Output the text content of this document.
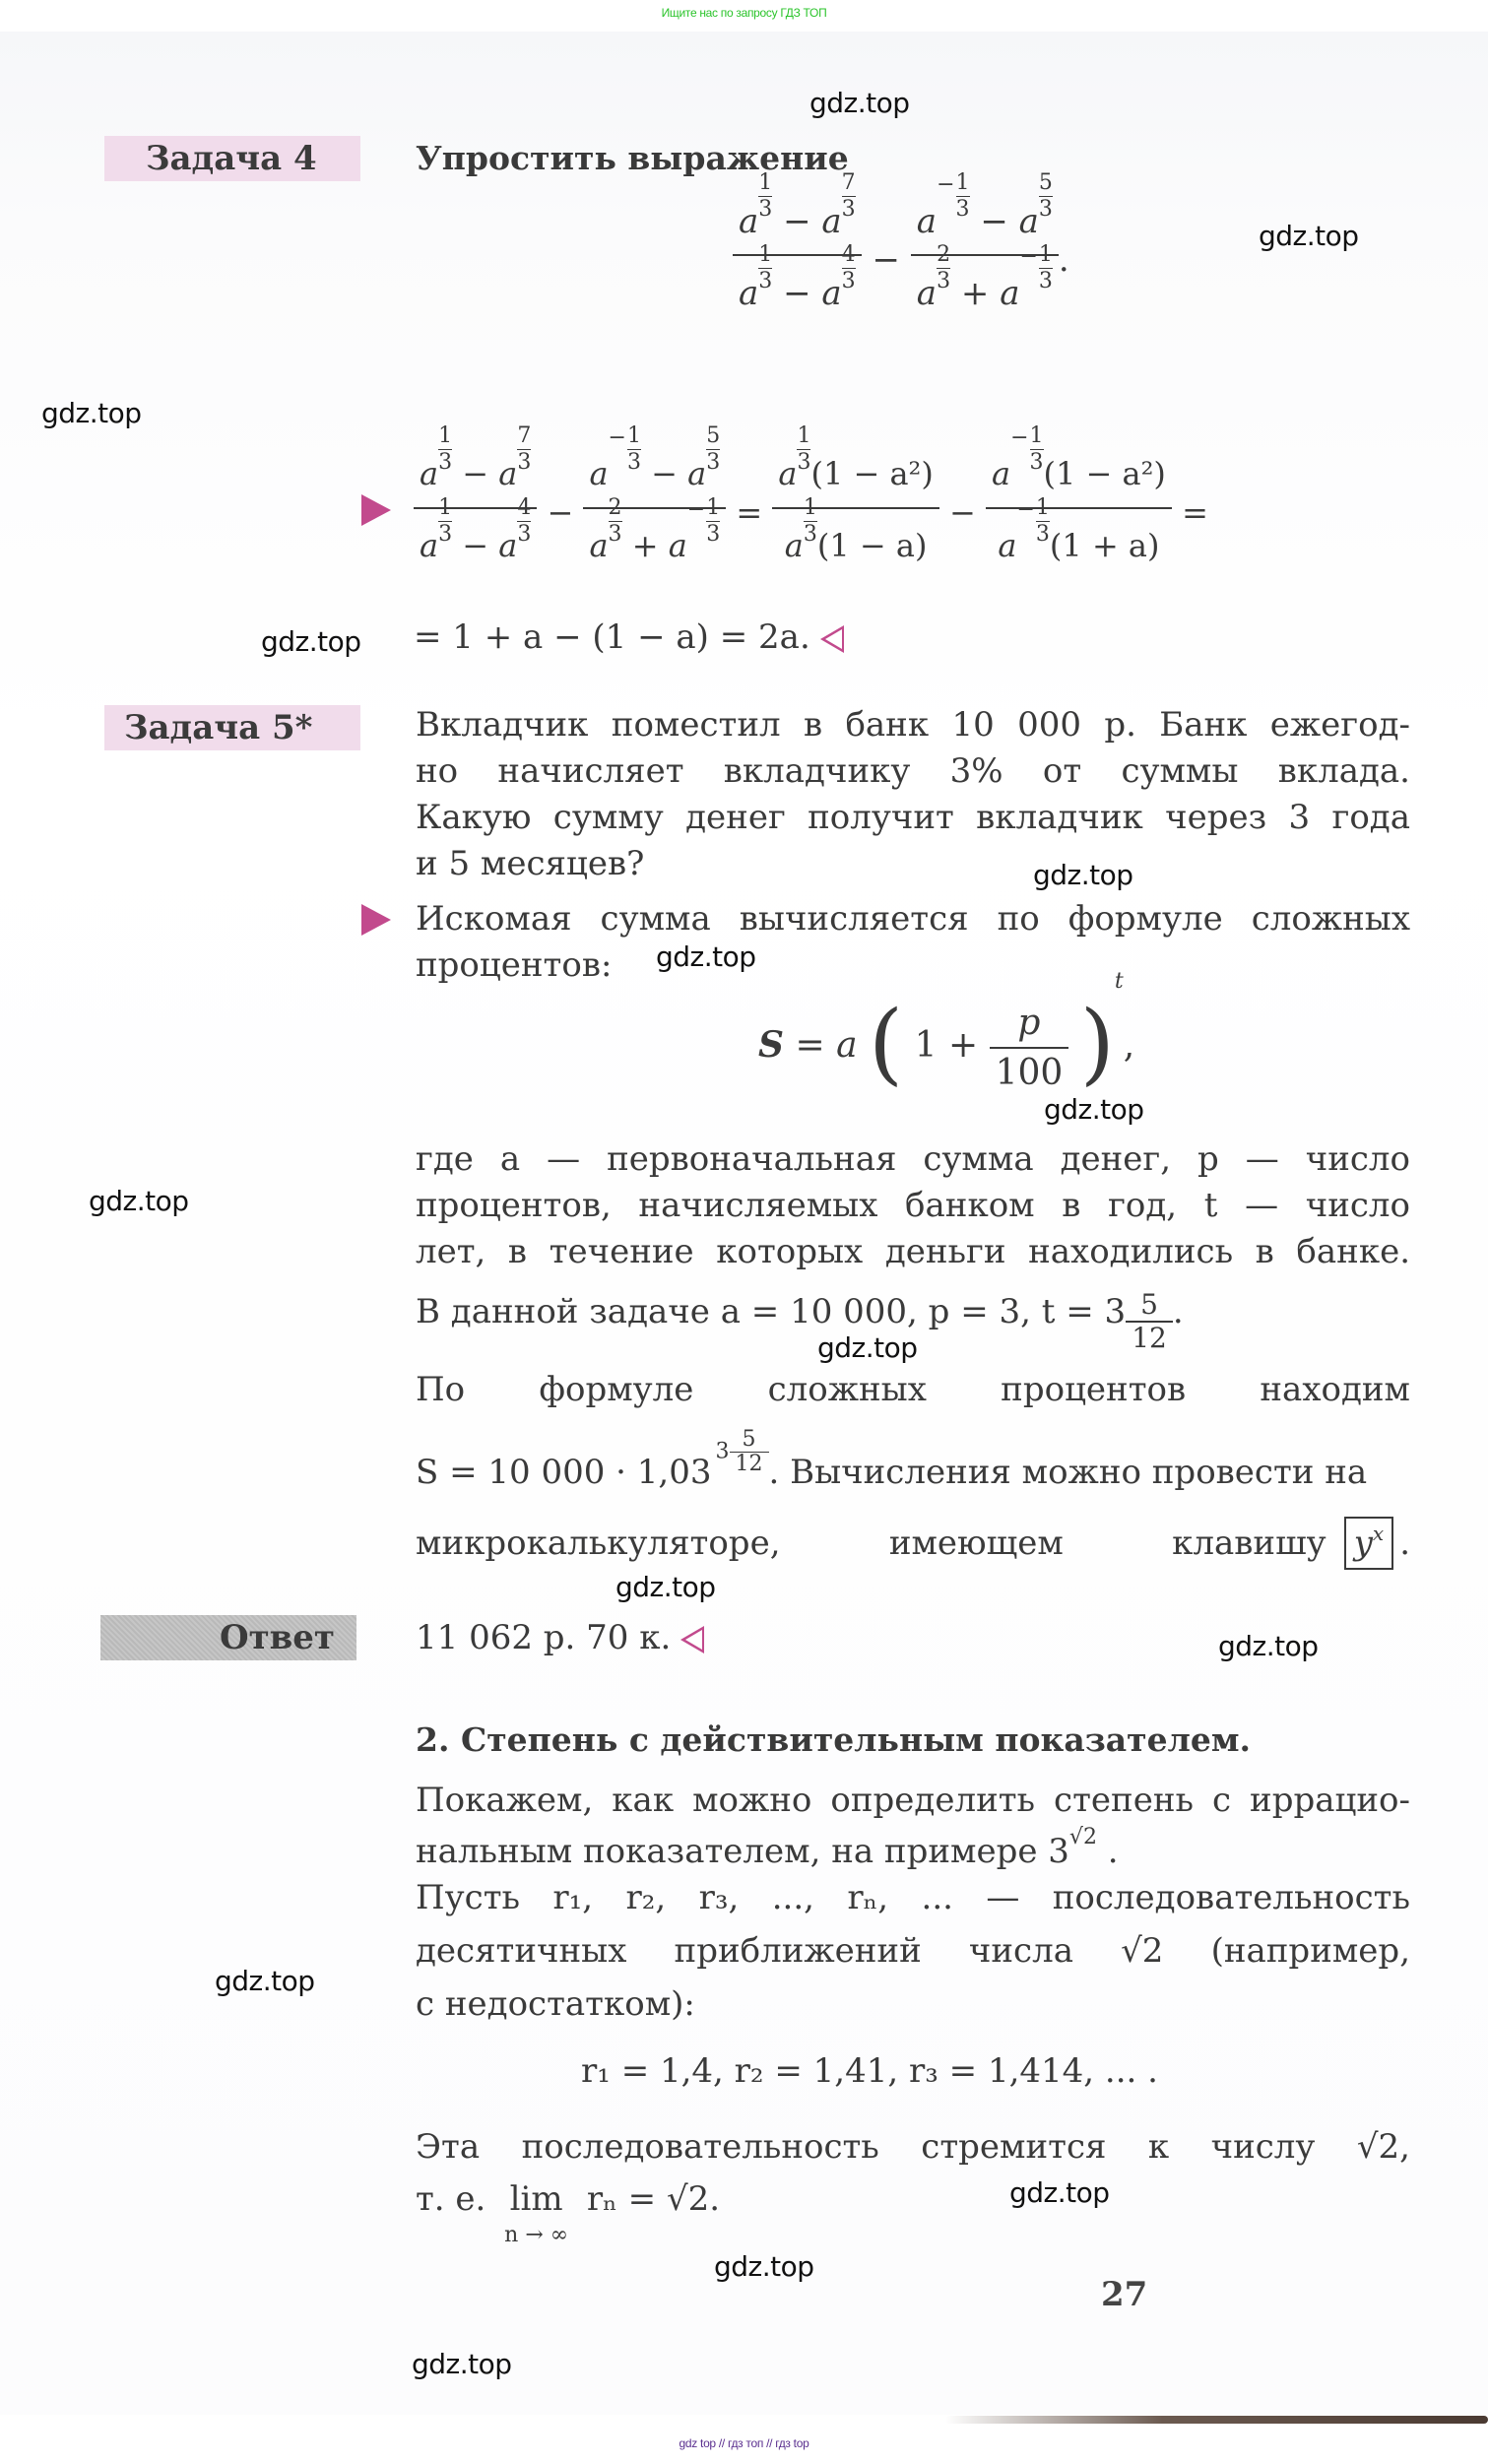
Ищите нас по запросу ГДЗ ТОП
Задача 4	Упростить выражение
a
$\frac{1}{3}$
− a
$\frac{7}{3}$
a
$\frac{1}{3}$
− a
$\frac{4}{3} - a^- \frac{1}{3}$
− a
$\frac{5}{3}$
a
$\frac{2}{3}$
+ $a^- \frac{1}{3}$ .
$\frac{a \frac{1}{3} - a \frac{7}{3}}{a \frac{1}{3} - a \frac{4}{3}} - \frac{a^- \frac{1}{3} - a \frac{5}{3}}{a \frac{2}{3} + a^- \frac{1}{3}} = \frac{a \frac{1}{3} (1 - a^2)}{a \frac{1}{3} (1 - a)} - \frac{a^- \frac{1}{3} (1 - a^2)}{a^- \frac{1}{3} (1 + a)}$ =
= 1 + a − (1 − a) = 2a.
Задача 5*	Вкладчик поместил в банк 10 000 р. Банк ежегод-
но начисляет вкладчику 3% от суммы вклада.
Какую сумму денег получит вкладчик через 3 года
и 5 месяцев?
Искомая сумма вычисляется по формуле сложных
процентов:
S = a ( $1 + \frac{p}{100} )t$,
где a — первоначальная сумма денег, p — число
процентов, начисляемых банком в год, t — число
лет, в течение которых деньги находились в банке.
В данной задаче a = 10 000, p = 3, $t = 3 \frac{5}{12}$ .
По формуле сложных процентов находим
S = 10 $000 \cdot 1,033 \frac{5}{12}$ . Вычисления можно провести на
микрокалькуляторе, имеющем клавишу $y^x$ .
Ответ	11 062 р. 70 к.
2. Степень с действительным показателем.
Покажем, как можно определить степень с иррацио-
нальным показателем, на примере 3√2 .
Пусть r₁, r₂, r₃, ..., rₙ, ... — последовательность
десятичных приближений числа √2 (например,
с недостатком):
r₁ = 1,4, r₂ = 1,41, r₃ = 1,414, ... .
Эта последовательность стремится к числу √2,
т. е. lim
n → ∞
rₙ = √2.
27
gdz.top
gdz.top
gdz.top
gdz.top
gdz.top
gdz.top
gdz.top
gdz.top
gdz.top
gdz.top
gdz.top
gdz.top
gdz.top
gdz.top
gdz.top
gdz top // гдз топ // гдз top
